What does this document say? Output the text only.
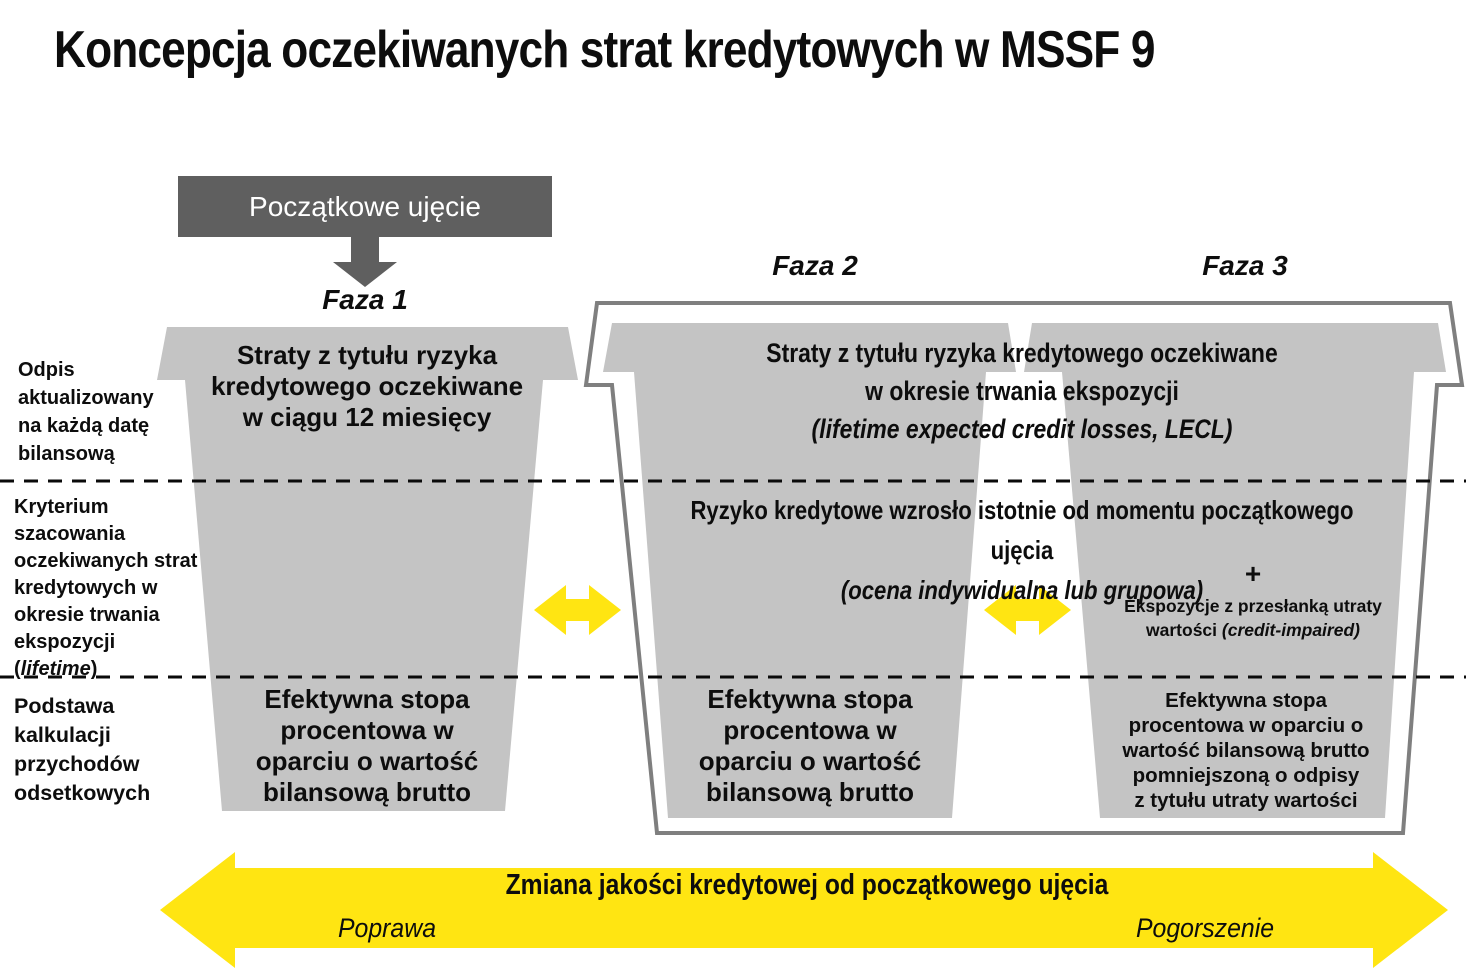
Koncepcja oczekiwanych strat kredytowych w MSSF 9
Początkowe ujęcie
Faza 1
Faza 2	Faza 3
Odpis
aktualizowany
na każdą datę
bilansową
Kryterium
szacowania
oczekiwanych strat
kredytowych w
okresie trwania
ekspozycji
(lifetime)
Podstawa
kalkulacji
przychodów
odsetkowych
Straty z tytułu ryzyka
kredytowego oczekiwane
w ciągu 12 miesięcy
Efektywna stopa
procentowa w
oparciu o wartość
bilansową brutto
Straty z tytułu ryzyka kredytowego oczekiwane
w okresie trwania ekspozycji
(lifetime expected credit losses, LECL)
Ryzyko kredytowe wzrosło istotnie od momentu początkowego ujęcia
(ocena indywidualna lub grupowa)
Efektywna stopa
procentowa w
oparciu o wartość
bilansową brutto
+
Ekspozycje z przesłanką utraty
wartości (credit-impaired)
Efektywna stopa
procentowa w oparciu o
wartość bilansową brutto
pomniejszoną o odpisy
z tytułu utraty wartości
Zmiana jakości kredytowej od początkowego ujęcia
Poprawa	Pogorszenie
